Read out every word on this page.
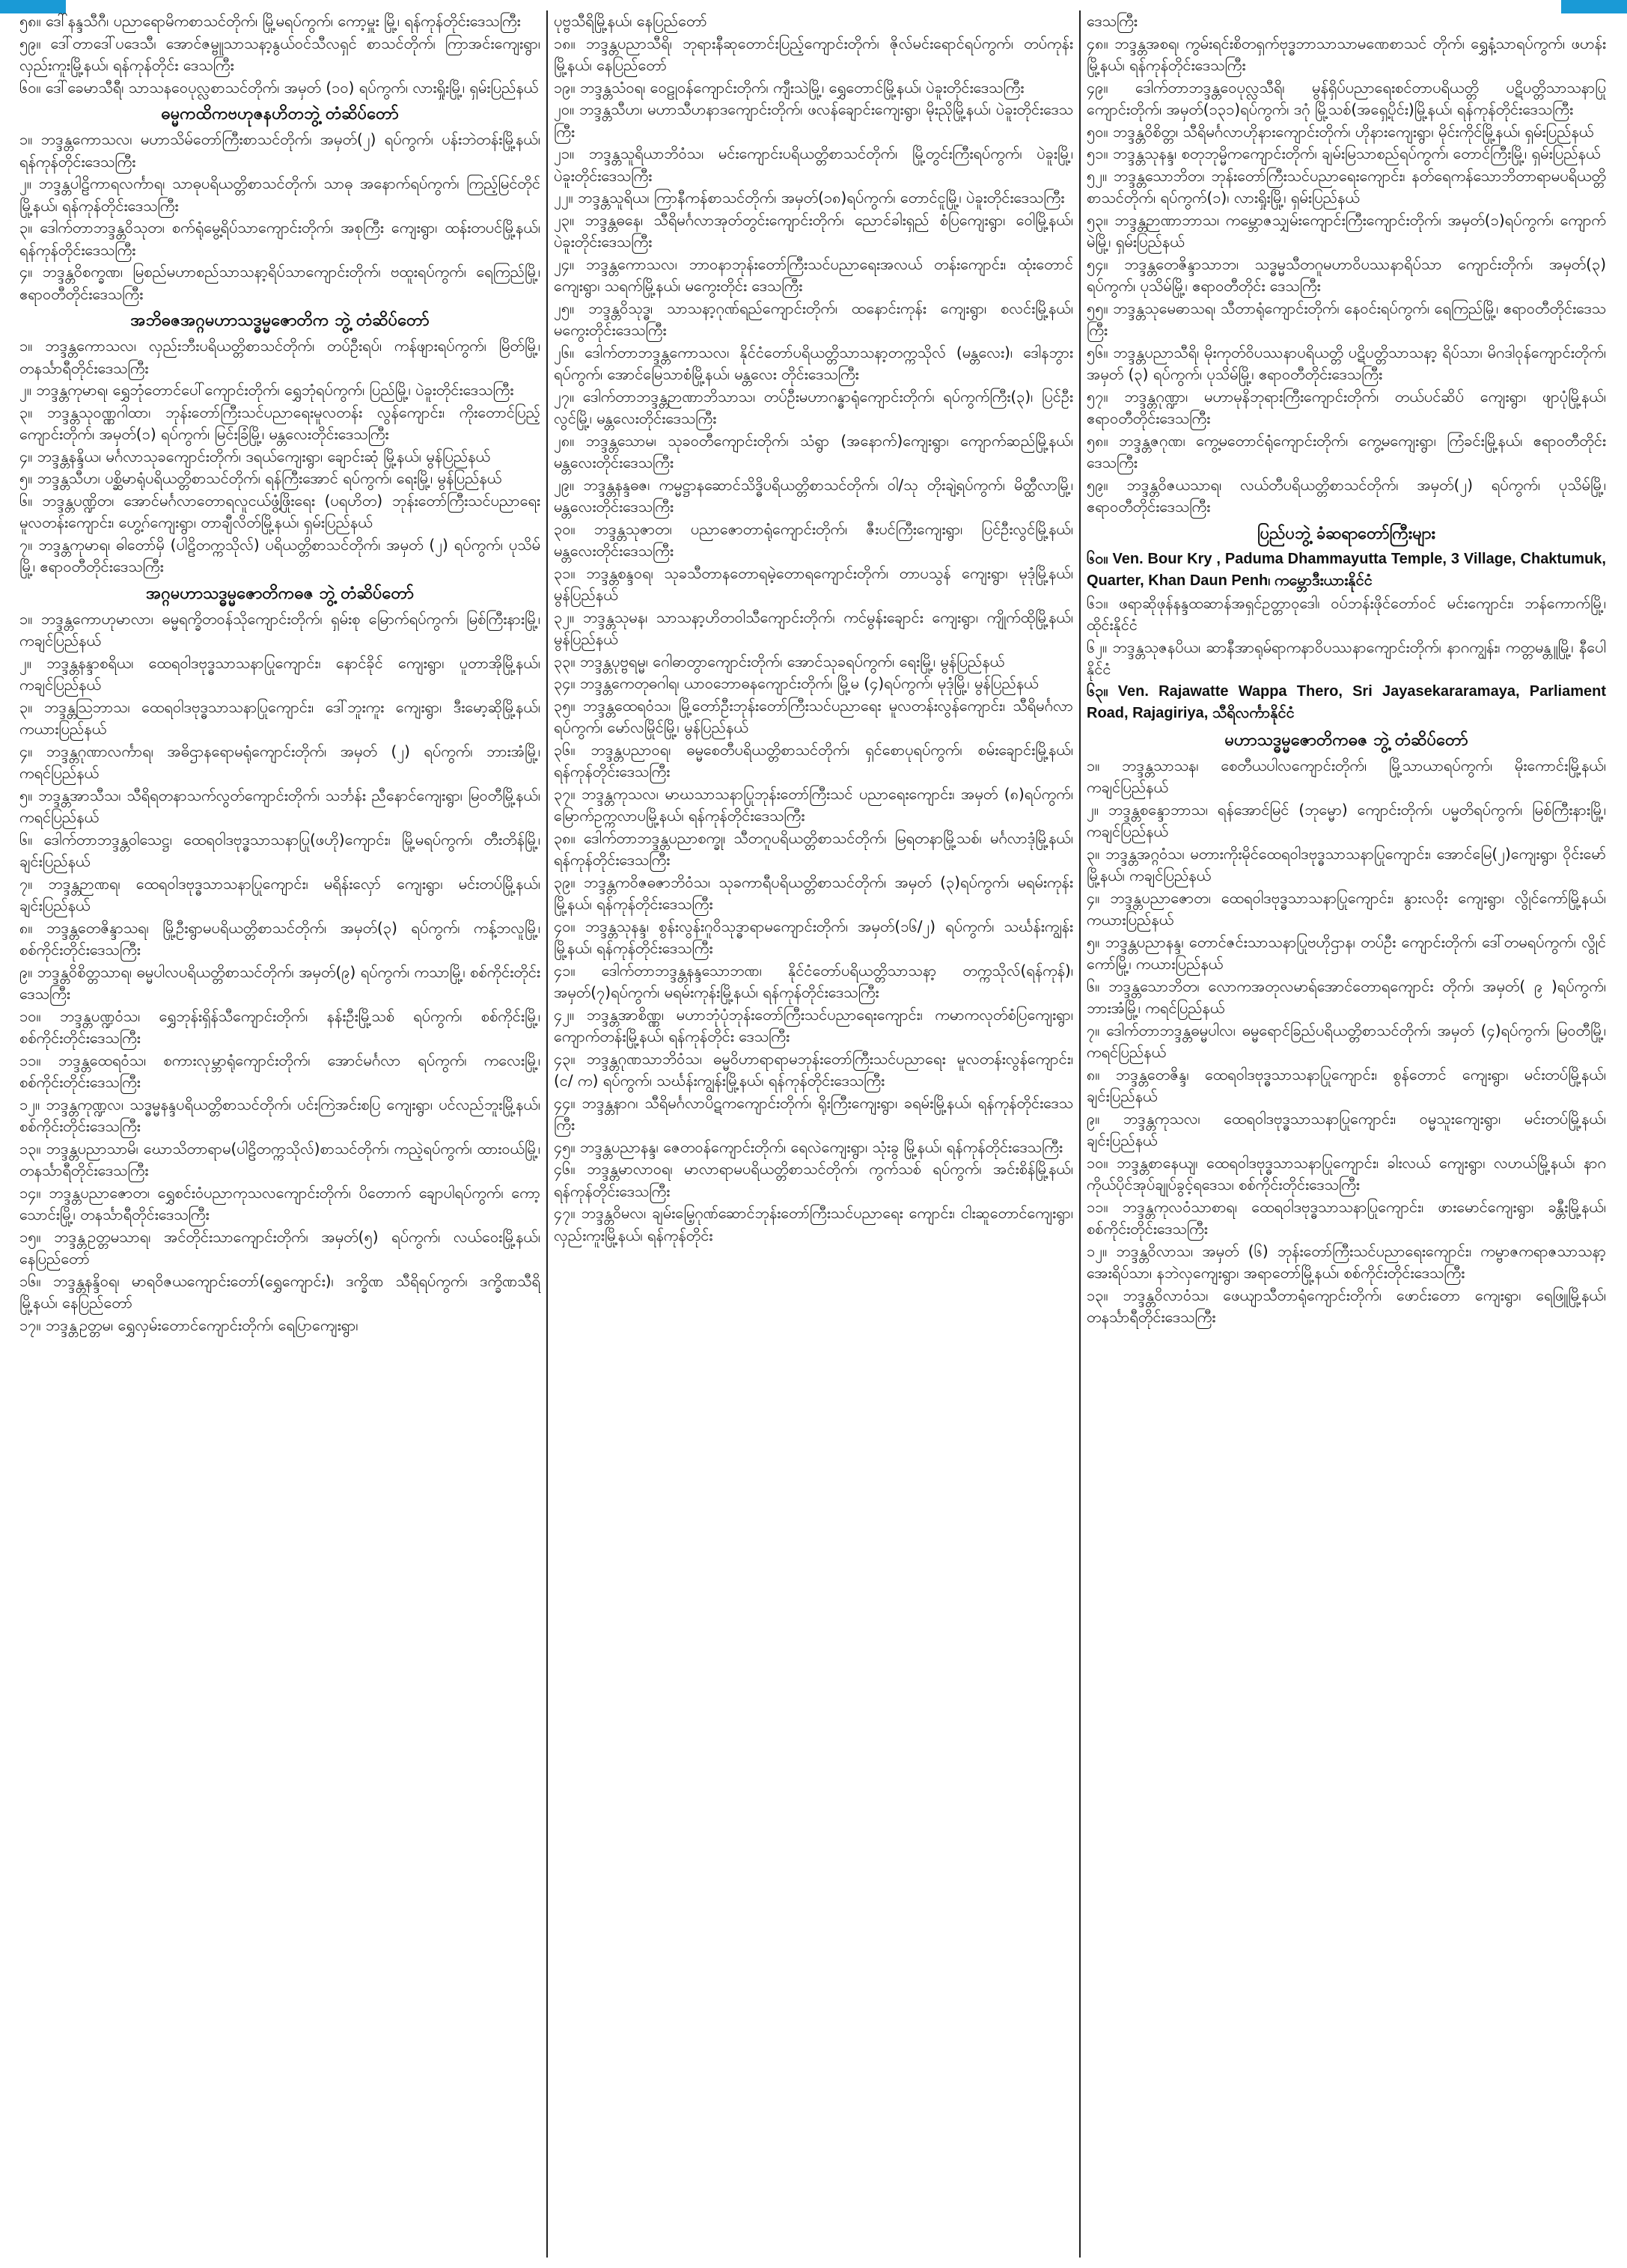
၅၈။ ဒေါ်နန္ဒသီဂီ၊ ပညာရောမိကစာသင်တိုက်၊ မြို့မရပ်ကွက်၊ ကော့မှူး မြို့၊ ရန်ကုန်တိုင်းဒေသကြီး

၅၉။ ဒေါ်တာဒေါ်ပဒေသီ၊ အောင်ဇမ္ဗူသာသနာ့နွယ်ဝင်သီလရှင် စာသင်တိုက်၊ ကြာအင်းကျေးရွာ၊ လှည်းကူးမြို့နယ်၊ ရန်ကုန်တိုင်း ဒေသကြီး

၆၀။ ဒေါ်ခေမာသီရီ၊ သာသနဝေပုလ္လစာသင်တိုက်၊ အမှတ် (၁၀) ရပ်ကွက်၊ လားရှိုးမြို့၊ ရှမ်းပြည်နယ်

ဓမ္မကထိကဗဟုဇနဟိတဘွဲ့ တံဆိပ်တော်

၁။ ဘဒ္ဒန္တကောသလ၊ မဟာသိမ်တော်ကြီးစာသင်တိုက်၊ အမှတ်(၂) ရပ်ကွက်၊ ပန်းဘဲတန်းမြို့နယ်၊ ရန်ကုန်တိုင်းဒေသကြီး

၂။ ဘဒ္ဒန္တပါဠိကာရလင်္ကာရ၊ သာဓုပရိယတ္တိစာသင်တိုက်၊ သာဓု အနောက်ရပ်ကွက်၊ ကြည့်မြင်တိုင်မြို့နယ်၊ ရန်ကုန်တိုင်းဒေသကြီး

၃။ ဒေါက်တာဘဒ္ဒန္တဝိသုတ၊ စက်ရုံမွေ့ရိပ်သာကျောင်းတိုက်၊ အစုကြီး ကျေးရွာ၊ ထန်းတပင်မြို့နယ်၊ ရန်ကုန်တိုင်းဒေသကြီး

၄။ ဘဒ္ဒန္တဝိစက္ခဏ၊ မြစည်မဟာစည်သာသနာ့ရိပ်သာကျောင်းတိုက်၊ ဗထူးရပ်ကွက်၊ ရေကြည်မြို့၊ ဧရာဝတီတိုင်းဒေသကြီး

အဘိဓဇအဂ္ဂမဟာသဒ္ဓမ္မဇောတိက ဘွဲ့ တံဆိပ်တော်

၁။ ဘဒ္ဒန္တကောသလ၊ လှည်းဘီးပရိယတ္တိစာသင်တိုက်၊ တပ်ဦးရပ်၊ ကန်ဖျားရပ်ကွက်၊ မြိတ်မြို့၊ တနင်္သာရီတိုင်းဒေသကြီး

၂။ ဘဒ္ဒန္တကုမာရ၊ ရွှေဘုံတောင်ပေါ်ကျောင်းတိုက်၊ ရွှေဘုံရပ်ကွက်၊ ပြည်မြို့၊ ပဲခူးတိုင်းဒေသကြီး

၃။ ဘဒ္ဒန္တသုဝဏ္ဏဂါထာ၊ ဘုန်းတော်ကြီးသင်ပညာရေးမူလတန်း လွန်ကျောင်း၊ ကိုးတောင်ပြည့်ကျောင်းတိုက်၊ အမှတ်(၁) ရပ်ကွက်၊ မြင်းခြံမြို့၊ မန္တလေးတိုင်းဒေသကြီး

၄။ ဘဒ္ဒန္တနန္ဒိယ၊ မင်္ဂလာသုခကျောင်းတိုက်၊ ဒရယ်ကျေးရွာ၊ ချောင်းဆုံ မြို့နယ်၊ မွန်ပြည်နယ်

၅။ ဘဒ္ဒန္တသီဟ၊ ပစ္ဆိမာရုံပရိယတ္တိစာသင်တိုက်၊ ရန်ကြီးအောင် ရပ်ကွက်၊ ရေးမြို့၊ မွန်ပြည်နယ်

၆။ ဘဒ္ဒန္တပဏ္ဍိတ၊ အောင်မင်္ဂလာတောရလူငယ်ဖွံ့ဖြိုးရေး (ပရဟိတ) ဘုန်းတော်ကြီးသင်ပညာရေးမူလတန်းကျောင်း၊ ဟွေ့ဂ်ကျေးရွာ၊ တာချီလိတ်မြို့နယ်၊ ရှမ်းပြည်နယ်

၇။ ဘဒ္ဒန္တကုမာရ၊ ဓါတော်မှိ (ပါဠိတက္ကသိုလ်) ပရိယတ္တိစာသင်တိုက်၊ အမှတ် (၂) ရပ်ကွက်၊ ပုသိမ်မြို့၊ ဧရာဝတီတိုင်းဒေသကြီး

အဂ္ဂမဟာသဒ္ဓမ္မဇောတိကဓဇ ဘွဲ့ တံဆိပ်တော်

၁။ ဘဒ္ဒန္တကောဟုမာလာ၊ ဓမ္မရက္ခိတဝန်သိုကျောင်းတိုက်၊ ရှမ်းစု မြောက်ရပ်ကွက်၊ မြစ်ကြီးနားမြို့၊ ကချင်ပြည်နယ်

၂။ ဘဒ္ဒန္တနန္ဒာစရိယ၊ ထေရဝါဒဗုဒ္ဓသာသနာပြုကျောင်း၊ နောင်ခိုင် ကျေးရွာ၊ ပူတာအိုမြို့နယ်၊ ကချင်ပြည်နယ်

၃။ ဘဒ္ဒန္တသြဘာသ၊ ထေရဝါဒဗုဒ္ဓသာသနာပြုကျောင်း၊ ဒေါ်ဘူးကူး ကျေးရွာ၊ ဒီးမော့ဆိုမြို့နယ်၊ ကယားပြည်နယ်

၄။ ဘဒ္ဒန္တဂုဏာလင်္ကာရ၊ အဓိဌာနရောမရုံကျောင်းတိုက်၊ အမှတ် (၂) ရပ်ကွက်၊ ဘားအံမြို့၊ ကရင်ပြည်နယ်

၅။ ဘဒ္ဒန္တအာသီသ၊ သီရိရတနာသက်လွတ်ကျောင်းတိုက်၊ သင်္ဘန်း ညီနောင်ကျေးရွာ၊ မြဝတီမြို့နယ်၊ ကရင်ပြည်နယ်

၆။ ဒေါက်တာဘဒ္ဒန္တဝါသေဋ္ဌ၊ ထေရဝါဒဗုဒ္ဓသာသနာပြု(ဖဟို)ကျောင်း၊ မြို့မရပ်ကွက်၊ တီးတိန်မြို့၊ ချင်းပြည်နယ်

၇။ ဘဒ္ဒန္တဉာဏရ၊ ထေရဝါဒဗုဒ္ဓသာသနာပြုကျောင်း၊ မရိန်းလှော် ကျေးရွာ၊ မင်းတပ်မြို့နယ်၊ ချင်းပြည်နယ်

၈။ ဘဒ္ဒန္တတေဇိန္ဒာသရ၊ မြို့ဦးရွာမပရိယတ္တိစာသင်တိုက်၊ အမှတ်(၃) ရပ်ကွက်၊ ကန့်ဘလူမြို့၊ စစ်ကိုင်းတိုင်းဒေသကြီး

၉။ ဘဒ္ဒန္တဝိစိတ္တသာရ၊ ဓမ္မပါလပရိယတ္တိစာသင်တိုက်၊ အမှတ်(၉) ရပ်ကွက်၊ ကသာမြို့၊ စစ်ကိုင်းတိုင်းဒေသကြီး

၁၀။ ဘဒ္ဒန္တပဏ္ဍဝံသ၊ ရွှေဘုန်းရှိန်သီကျောင်းတိုက်၊ နန်းဦးမြို့သစ် ရပ်ကွက်၊ စစ်ကိုင်းမြို့၊ စစ်ကိုင်းတိုင်းဒေသကြီး

၁၁။ ဘဒ္ဒန္တထေရဝံသ၊ စကားလုမ္ဘာရုံကျောင်းတိုက်၊ အောင်မင်္ဂလာ ရပ်ကွက်၊ ကလေးမြို့၊ စစ်ကိုင်းတိုင်းဒေသကြီး

၁၂။ ဘဒ္ဒန္တကုဏ္ဍလ၊ သဒ္ဓမ္မနန္ဒပရိယတ္တိစာသင်တိုက်၊ ပင်းကြဲအင်းစပြ ကျေးရွာ၊ ပင်လည်ဘူးမြို့နယ်၊ စစ်ကိုင်းတိုင်းဒေသကြီး

၁၃။ ဘဒ္ဒန္တပညာသာမိ၊ ဃောသိတာရာမ(ပါဠိတက္ကသိုလ်)စာသင်တိုက်၊ ကညဲ့ရပ်ကွက်၊ ထားဝယ်မြို့၊ တနင်္သာရီတိုင်းဒေသကြီး

၁၄။ ဘဒ္ဒန္တပညာဇောတ၊ ရွှေစင်းဝံပညာကုသလကျောင်းတိုက်၊ ပိတောက် ချောပါရပ်ကွက်၊ ကော့သောင်းမြို့၊ တနင်္သာရီတိုင်းဒေသကြီး

၁၅။ ဘဒ္ဒန္တဥတ္တမသာရ၊ အင်တိုင်းသာကျောင်းတိုက်၊ အမှတ်(၅) ရပ်ကွက်၊ လယ်ဝေးမြို့နယ်၊ နေပြည်တော်

၁၆။ ဘဒ္ဒန္တနန္ဒိဝရ၊ မာရဝိဇယကျောင်းတော်(ရွှေကျောင်း)၊ ဒက္ခိဏ သီရိရပ်ကွက်၊ ဒက္ခိဏသီရိမြို့နယ်၊ နေပြည်တော်

၁၇။ ဘဒ္ဒန္တဥတ္တမ၊ ရွှေလှမ်းတောင်ကျောင်းတိုက်၊ ရေပြာကျေးရွာ၊

ပုဗ္ဗသီရိမြို့နယ်၊ နေပြည်တော်

၁၈။ ဘဒ္ဒန္တပညာသီရိ၊ ဘုရားနီဆုတောင်းပြည့်ကျောင်းတိုက်၊ ဇိုလ်မင်းရောင်ရပ်ကွက်၊ တပ်ကုန်းမြို့နယ်၊ နေပြည်တော်

၁၉။ ဘဒ္ဒန္တသံဝရ၊ ဝေဠုဝန်ကျောင်းတိုက်၊ ကျီးသဲမြို့၊ ရွှေတောင်မြို့နယ်၊ ပဲခူးတိုင်းဒေသကြီး

၂၀။ ဘဒ္ဒန္တသီဟ၊ မဟာသီဟနာဒကျောင်းတိုက်၊ ဖလန်ချောင်းကျေးရွာ၊ မိုးညိုမြို့နယ်၊ ပဲခူးတိုင်းဒေသကြီး

၂၁။ ဘဒ္ဒန္တသူရိယာဘိဝံသ၊ မင်းကျောင်းပရိယတ္တိစာသင်တိုက်၊ မြို့တွင်းကြီးရပ်ကွက်၊ ပဲခူးမြို့၊ ပဲခူးတိုင်းဒေသကြီး

၂၂။ ဘဒ္ဒန္တသူရိယ၊ ကြာနီကန်စာသင်တိုက်၊ အမှတ်(၁၈)ရပ်ကွက်၊ တောင်ငူမြို့၊ ပဲခူးတိုင်းဒေသကြီး

၂၃။ ဘဒ္ဒန္တဓနေ၊ သီရိမင်္ဂလာအုတ်တွင်းကျောင်းတိုက်၊ ညောင်ခါးရှည် စံပြကျေးရွာ၊ ဝေါမြို့နယ်၊ ပဲခူးတိုင်းဒေသကြီး

၂၄။ ဘဒ္ဒန္တကောသလ၊ ဘာဝနာဘုန်းတော်ကြီးသင်ပညာရေးအလယ် တန်းကျောင်း၊ ထုံးတောင်ကျေးရွာ၊ သရက်မြို့နယ်၊ မကွေးတိုင်း ဒေသကြီး

၂၅။ ဘဒ္ဒန္တဝိသုဒ္ဓ၊ သာသနာ့ဂုဏ်ရည်ကျောင်းတိုက်၊ ထနောင်းကုန်း ကျေးရွာ၊ စလင်းမြို့နယ်၊ မကွေးတိုင်းဒေသကြီး

၂၆။ ဒေါက်တာဘဒ္ဒန္တကောသလ၊ နိုင်ငံတော်ပရိယတ္တိသာသနာ့တက္ကသိုလ် (မန္တလေး)၊ ဒေါနဘွားရပ်ကွက်၊ အောင်မြေသာစံမြို့နယ်၊ မန္တလေး တိုင်းဒေသကြီး

၂၇။ ဒေါက်တာဘဒ္ဒန္တဉာဏာဘိသာသ၊ တပ်ဦးမဟာဂန္ဓာရုံကျောင်းတိုက်၊ ရပ်ကွက်ကြီး(၃)၊ ပြင်ဦးလွင်မြို့၊ မန္တလေးတိုင်းဒေသကြီး

၂၈။ ဘဒ္ဒန္တသောမ၊ သုခဝတီကျောင်းတိုက်၊ သံရွာ (အနောက်)ကျေးရွာ၊ ကျောက်ဆည်မြို့နယ်၊ မန္တလေးတိုင်းဒေသကြီး

၂၉။ ဘဒ္ဒန္တနန္ဒဓဇ၊ ကမ္မဋ္ဌာနဆောင်သိဒ္ဓိပရိယတ္တိစာသင်တိုက်၊ ဝါ/သု တိုးချဲ့ရပ်ကွက်၊ မိတ္ထီလာမြို့၊ မန္တလေးတိုင်းဒေသကြီး

၃၀။ ဘဒ္ဒန္တသုဇာတ၊ ပညာဇောတာရုံကျောင်းတိုက်၊ ဇီးပင်ကြီးကျေးရွာ၊ ပြင်ဦးလွင်မြို့နယ်၊ မန္တလေးတိုင်းဒေသကြီး

၃၁။ ဘဒ္ဒန္တစန္ဒဝရ၊ သုခသီတာနတောရမဲ့တောရကျောင်းတိုက်၊ တာပသွန် ကျေးရွာ၊ မုဒုံမြို့နယ်၊ မွန်ပြည်နယ်

၃၂။ ဘဒ္ဒန္တသုမန၊ သာသနာ့ဟိတဝါသီကျောင်းတိုက်၊ ကင်မွန်းချောင်း ကျေးရွာ၊ ကျိုက်ထိုမြို့နယ်၊ မွန်ပြည်နယ်

၃၃။ ဘဒ္ဒန္တပုဗ္ဗရမ္မ၊ ဂေါဓာတွာကျောင်းတိုက်၊ အောင်သုခရပ်ကွက်၊ ရေးမြို့၊ မွန်ပြည်နယ်

၃၄။ ဘဒ္ဒန္တကေတုဓဂါရ၊ ယာဝဘောဓနကျောင်းတိုက်၊ မြို့မ (၄)ရပ်ကွက်၊ မုဒုံမြို့၊ မွန်ပြည်နယ်

၃၅။ ဘဒ္ဒန္တထေရဝံသ၊ မြို့တော်ဦးဘုန်းတော်ကြီးသင်ပညာရေး မူလတန်းလွန်ကျောင်း၊ သီရိမင်္ဂလာရပ်ကွက်၊ မော်လမြိုင်မြို့၊ မွန်ပြည်နယ်

၃၆။ ဘဒ္ဒန္တပညာဝရ၊ ဓမ္မစေတီပရိယတ္တိစာသင်တိုက်၊ ရှင်စောပုရပ်ကွက်၊ စမ်းချောင်းမြို့နယ်၊ ရန်ကုန်တိုင်းဒေသကြီး

၃၇။ ဘဒ္ဒန္တကုသလ၊ မာဃသာသနာပြုဘုန်းတော်ကြီးသင် ပညာရေးကျောင်း၊ အမှတ် (၈)ရပ်ကွက်၊ မြောက်ဥက္ကလာပမြို့နယ်၊ ရန်ကုန်တိုင်းဒေသကြီး

၃၈။ ဒေါက်တာဘဒ္ဒန္တပညာစက္ခု၊ သီတဂူပရိယတ္တိစာသင်တိုက်၊ မြရတနာမြို့သစ်၊ မင်္ဂလာဒုံမြို့နယ်၊ ရန်ကုန်တိုင်းဒေသကြီး

၃၉။ ဘဒ္ဒန္တကဝိဇဓဇာဘိဝံသ၊ သုခကာရီပရိယတ္တိစာသင်တိုက်၊ အမှတ် (၃)ရပ်ကွက်၊ မရမ်းကုန်းမြို့နယ်၊ ရန်ကုန်တိုင်းဒေသကြီး

၄၀။ ဘဒ္ဒန္တသုနန္ဒ၊ စွန်းလွန်းဂူဝိသုဒ္ဓာရာမကျောင်းတိုက်၊ အမှတ်(၁၆/၂) ရပ်ကွက်၊ သင်္ဃန်းကျွန်းမြို့နယ်၊ ရန်ကုန်တိုင်းဒေသကြီး

၄၁။ ဒေါက်တာဘဒ္ဒန္တနန္ဒသောဘဏ၊ နိုင်ငံတော်ပရိယတ္တိသာသနာ့ တက္ကသိုလ်(ရန်ကုန်)၊ အမှတ်(၇)ရပ်ကွက်၊ မရမ်းကုန်းမြို့နယ်၊ ရန်ကုန်တိုင်းဒေသကြီး

၄၂။ ဘဒ္ဒန္တအာစိဏ္ဏ၊ မဟာဘုံပုံဘုန်းတော်ကြီးသင်ပညာရေးကျောင်း၊ ကမာကလုတ်စံပြကျေးရွာ၊ ကျောက်တန်းမြို့နယ်၊ ရန်ကုန်တိုင်း ဒေသကြီး

၄၃။ ဘဒ္ဒန္တဂုဏသာဘိဝံသ၊ ဓမ္မဝိဟာရာရာမဘုန်းတော်ကြီးသင်ပညာရေး မူလတန်းလွန်ကျောင်း၊ (င/ က) ရပ်ကွက်၊ သင်္ဃန်းကျွန်းမြို့နယ်၊ ရန်ကုန်တိုင်းဒေသကြီး

၄၄။ ဘဒ္ဒန္တနာဂ၊ သီရိမင်္ဂလာပိဋကကျောင်းတိုက်၊ ရိုးကြီးကျေးရွာ၊ ခရမ်းမြို့နယ်၊ ရန်ကုန်တိုင်းဒေသကြီး

၄၅။ ဘဒ္ဒန္တပညာနန္ဒ၊ ဇေတဝန်ကျောင်းတိုက်၊ ရေလဲကျေးရွာ၊ သုံးခွ မြို့နယ်၊ ရန်ကုန်တိုင်းဒေသကြီး

၄၆။ ဘဒ္ဒန္တမာလာဝရ၊ မာလာရာမပရိယတ္တိစာသင်တိုက်၊ ကွက်သစ် ရပ်ကွက်၊ အင်းစိန်မြို့နယ်၊ ရန်ကုန်တိုင်းဒေသကြီး

၄၇။ ဘဒ္ဒန္တဝိမလ၊ ချမ်းမြေ့ဂုဏ်ဆောင်ဘုန်းတော်ကြီးသင်ပညာရေး ကျောင်း၊ ငါးဆူတောင်ကျေးရွာ၊ လှည်းကူးမြို့နယ်၊ ရန်ကုန်တိုင်း

ဒေသကြီး

၄၈။ ဘဒ္ဒန္တအစရ၊ ကွမ်းရင်းစိတရှက်ဗုဒ္ဓဘာသာသာမဏေစာသင် တိုက်၊ ရွှေနံ့သာရပ်ကွက်၊ ဖဟန်းမြို့နယ်၊ ရန်ကုန်တိုင်းဒေသကြီး

၄၉။ ဒေါက်တာဘဒ္ဒန္တဝေပုလ္လသီရိ၊ မွန်ရှိပ်ပညာရေးစင်တာပရိယတ္တိ ပဋိပတ္တိသာသနာပြုကျောင်းတိုက်၊ အမှတ်(၁၃၁)ရပ်ကွက်၊ ဒဂုံ မြို့သစ်(အရှေ့ပိုင်း)မြို့နယ်၊ ရန်ကုန်တိုင်းဒေသကြီး

၅၀။ ဘဒ္ဒန္တဝိစိတ္တ၊ သီရိမင်္ဂလာဟိုနားကျောင်းတိုက်၊ ဟိုနားကျေးရွာ၊ မိုင်းကိုင်မြို့နယ်၊ ရှမ်းပြည်နယ်

၅၁။ ဘဒ္ဒန္တသုနန္ဒ၊ စတုဘုမ္မိကကျောင်းတိုက်၊ ချမ်းမြသာစည်ရပ်ကွက်၊ တောင်ကြီးမြို့၊ ရှမ်းပြည်နယ်

၅၂။ ဘဒ္ဒန္တသောဘိတ၊ ဘုန်းတော်ကြီးသင်ပညာရေးကျောင်း၊ နတ်ရေကန်သောဘိတာရာမပရိယတ္တိ စာသင်တိုက်၊ ရပ်ကွက်(၁)၊ လားရှိုးမြို့၊ ရှမ်းပြည်နယ်

၅၃။ ဘဒ္ဒန္တဉာဏာဘာသ၊ ကမ္ဘောဇသျှမ်းကျောင်းကြီးကျောင်းတိုက်၊ အမှတ်(၁)ရပ်ကွက်၊ ကျောက်မဲမြို့၊ ရှမ်းပြည်နယ်

၅၄။ ဘဒ္ဒန္တတေဇိန္ဒာသာဘ၊ သဒ္ဓမ္မသီတဂူမဟာဝိပဿနာရိပ်သာ ကျောင်းတိုက်၊ အမှတ်(၃) ရပ်ကွက်၊ ပုသိမ်မြို့၊ ဧရာဝတီတိုင်း ဒေသကြီး

၅၅။ ဘဒ္ဒန္တသုမေဓာသရ၊ သီတာရုံကျောင်းတိုက်၊ နေဝင်းရပ်ကွက်၊ ရေကြည်မြို့၊ ဧရာဝတီတိုင်းဒေသကြီး

၅၆။ ဘဒ္ဒန္တပညာသီရိ၊ မိုးကုတ်ဝိပဿနာပရိယတ္တိ ပဋိပတ္တိသာသနာ့ ရိပ်သာ၊ မိဂဒါဝုန်ကျောင်းတိုက်၊ အမှတ် (၃) ရပ်ကွက်၊ ပုသိမ်မြို့၊ ဧရာဝတီတိုင်းဒေသကြီး

၅၇။ ဘဒ္ဒန္တဂုဏ္ဍာ၊ မဟာမုနိဘုရားကြီးကျောင်းတိုက်၊ တယ်ပင်ဆိပ် ကျေးရွာ၊ ဖျာပုံမြို့နယ်၊ ဧရာဝတီတိုင်းဒေသကြီး

၅၈။ ဘဒ္ဒန္တဇဂုဏ၊ ကွေ့မတောင်ရုံကျောင်းတိုက်၊ ကွေ့မကျေးရွာ၊ ကြံခင်းမြို့နယ်၊ ဧရာဝတီတိုင်းဒေသကြီး

၅၉။ ဘဒ္ဒန္တဝိဇယသာရ၊ လယ်တီပရိယတ္တိစာသင်တိုက်၊ အမှတ်(၂) ရပ်ကွက်၊ ပုသိမ်မြို့၊ ဧရာဝတီတိုင်းဒေသကြီး

ပြည်ပဘွဲ့ ခံဆရာတော်ကြီးများ

၆၀။ Ven. Bour Kry , Paduma Dhammayutta Temple, 3 Village, Chaktumuk, Quarter, Khan Daun Penh၊ ကမ္ဘောဒီးယားနိုင်ငံ

၆၁။ ဖရာဆိုဖုန်နန္ဒထဆာန်အရှင်ဥတ္တာဝုဒေါ၊ ဝပ်ဘန်းဖိုင်တော်ဝင် မင်းကျောင်း၊ ဘန်ကောက်မြို့၊ ထိုင်းနိုင်ငံ

၆၂။ ဘဒ္ဒန္တသုဇနပိယ၊ ဆာနီအာရုမ်ရာကနာဝိပဿနာကျောင်းတိုက်၊ နာဂကျွန်း၊ ကတ္တမန္တူမြို့၊ နီပေါနိုင်ငံ

၆၃။ Ven. Rajawatte Wappa Thero, Sri Jayasekararamaya, Parliament Road, Rajagiriya, သီရိလင်္ကာနိုင်ငံ

မဟာသဒ္ဓမ္မဇောတိကဓဇ ဘွဲ့ တံဆိပ်တော်

၁။ ဘဒ္ဒန္တသာသန၊ စေတီယပါလကျောင်းတိုက်၊ မြို့သာယာရပ်ကွက်၊ မိုးကောင်းမြို့နယ်၊ ကချင်ပြည်နယ်

၂။ ဘဒ္ဒန္တစန္ဒောဘာသ၊ ရန်အောင်မြင် (ဘုမ္မော) ကျောင်းတိုက်၊ ပမ္မတိရပ်ကွက်၊ မြစ်ကြီးနားမြို့၊ ကချင်ပြည်နယ်

၃။ ဘဒ္ဒန္တအဂ္ဂဝံသ၊ မတားကိုးမိုင်ထေရဝါဒဗုဒ္ဓသာသနာပြုကျောင်း၊ အောင်မြေ(၂)ကျေးရွာ၊ ဝိုင်းမော်မြို့နယ်၊ ကချင်ပြည်နယ်

၄။ ဘဒ္ဒန္တပညာဇောတ၊ ထေရဝါဒဗုဒ္ဓသာသနာပြုကျောင်း၊ နွားလဝိုး ကျေးရွာ၊ လွိုင်ကော်မြို့နယ်၊ ကယားပြည်နယ်

၅။ ဘဒ္ဒန္တပညာနန္ဒ၊ တောင်ဇင်းသာသနာပြုဗဟိုဌာန၊ တပ်ဦး ကျောင်းတိုက်၊ ဒေါ်တမရပ်ကွက်၊ လွိုင်ကော်မြို့၊ ကယားပြည်နယ်

၆။ ဘဒ္ဒန္တသောဘိတ၊ လောကအတုလမာရ်အောင်တောရကျောင်း တိုက်၊ အမှတ်( ၉ )ရပ်ကွက်၊ ဘားအံမြို့၊ ကရင်ပြည်နယ်

၇။ ဒေါက်တာဘဒ္ဒန္တဓမ္မပါလ၊ ဓမ္မရောင်ခြည်ပရိယတ္တိစာသင်တိုက်၊ အမှတ် (၄)ရပ်ကွက်၊ မြဝတီမြို့၊ ကရင်ပြည်နယ်

၈။ ဘဒ္ဒန္တတေဇိန္ဒ၊ ထေရဝါဒဗုဒ္ဓသာသနာပြုကျောင်း၊ စွန်တောင် ကျေးရွာ၊ မင်းတပ်မြို့နယ်၊ ချင်းပြည်နယ်

၉။ ဘဒ္ဒန္တကုသလ၊ ထေရဝါဒဗုဒ္ဓသာသနာပြုကျောင်း၊ ဝမ္မသူးကျေးရွာ၊ မင်းတပ်မြို့နယ်၊ ချင်းပြည်နယ်

၁၀။ ဘဒ္ဒန္တစာနေယျ၊ ထေရဝါဒဗုဒ္ဓသာသနာပြုကျောင်း၊ ခါးလယ် ကျေးရွာ၊ လဟယ်မြို့နယ်၊ နာဂကိုယ်ပိုင်အုပ်ချုပ်ခွင့်ရဒေသ၊ စစ်ကိုင်းတိုင်းဒေသကြီး

၁၁။ ဘဒ္ဒန္တကုလဝံသာစာရ၊ ထေရဝါဒဗုဒ္ဓသာသနာပြုကျောင်း၊ ဖားမောင်ကျေးရွာ၊ ခန္တီးမြို့နယ်၊ စစ်ကိုင်းတိုင်းဒေသကြီး

၁၂။ ဘဒ္ဒန္တဝိလာသ၊ အမှတ် (၆) ဘုန်းတော်ကြီးသင်ပညာရေးကျောင်း၊ ကမ္ဗာဇကရာဇသာသနာ့အေးရိပ်သာ၊ နဘဲလှကျေးရွာ၊ အရာတော်မြို့နယ်၊ စစ်ကိုင်းတိုင်းဒေသကြီး

၁၃။ ဘဒ္ဒန္တဝိလာဝံသ၊ ဖေယျာသီတာရုံကျောင်းတိုက်၊ ဖောင်းတော ကျေးရွာ၊ ရေဖြူမြို့နယ်၊ တနင်္သာရီတိုင်းဒေသကြီး
